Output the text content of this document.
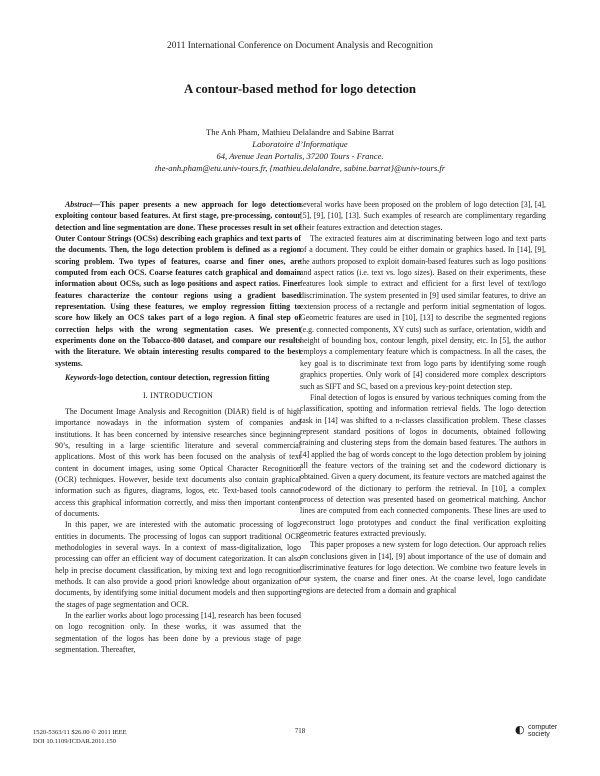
2011 International Conference on Document Analysis and Recognition
A contour-based method for logo detection
The Anh Pham, Mathieu Delalandre and Sabine Barrat
Laboratoire d’Informatique
64, Avenue Jean Portalis, 37200 Tours - France.
the-anh.pham@etu.univ-tours.fr, {mathieu.delalandre, sabine.barrat}@univ-tours.fr

Abstract—This paper presents a new approach for logo detection exploiting contour based features. At first stage, pre-processing, contour detection and line segmentation are done. These processes result in set of Outer Contour Strings (OCSs) describing each graphics and text parts of the documents. Then, the logo detection problem is defined as a region scoring problem. Two types of features, coarse and finer ones, are computed from each OCS. Coarse features catch graphical and domain information about OCSs, such as logo positions and aspect ratios. Finer features characterize the contour regions using a gradient based representation. Using these features, we employ regression fitting to score how likely an OCS takes part of a logo region. A final step of correction helps with the wrong segmentation cases. We present experiments done on the Tobacco-800 dataset, and compare our results with the literature. We obtain interesting results compared to the best systems.

Keywords-logo detection, contour detection, regression fitting

I. INTRODUCTION

The Document Image Analysis and Recognition (DIAR) field is of high importance nowadays in the information system of companies and institutions. It has been concerned by intensive researches since beginning 90’s, resulting in a large scientific literature and several commercial applications. Most of this work has been focused on the analysis of text content in document images, using some Optical Character Recognition (OCR) techniques. However, beside text documents also contain graphical information such as figures, diagrams, logos, etc. Text-based tools cannot access this graphical information correctly, and miss then important content of documents.

In this paper, we are interested with the automatic processing of logo entities in documents. The processing of logos can support traditional OCR methodologies in several ways. In a context of mass-digitalization, logo processing can offer an efficient way of document categorization. It can also help in precise document classification, by mixing text and logo recognition methods. It can also provide a good priori knowledge about organization of documents, by identifying some initial document models and then supporting the stages of page segmentation and OCR.

In the earlier works about logo processing [14], research has been focused on logo recognition only. In these works, it was assumed that the segmentation of the logos has been done by a previous stage of page segmentation. Thereafter,

several works have been proposed on the problem of logo detection [3], [4], [5], [9], [10], [13]. Such examples of research are complimentary regarding their features extraction and detection stages.

The extracted features aim at discriminating between logo and text parts of a document. They could be either domain or graphics based. In [14], [9], the authors proposed to exploit domain-based features such as logo positions and aspect ratios (i.e. text vs. logo sizes). Based on their experiments, these features look simple to extract and efficient for a first level of text/logo discrimination. The system presented in [9] used similar features, to drive an extension process of a rectangle and perform initial segmentation of logos. Geometric features are used in [10], [13] to describe the segmented regions (e.g. connected components, XY cuts) such as surface, orientation, width and height of bounding box, contour length, pixel density, etc. In [5], the author employs a complementary feature which is compactness. In all the cases, the key goal is to discriminate text from logo parts by identifying some rough graphics properties. Only work of [4] considered more complex descriptors such as SIFT and SC, based on a previous key-point detection step.

Final detection of logos is ensured by various techniques coming from the classification, spotting and information retrieval fields. The logo detection task in [14] was shifted to a n-classes classification problem. These classes represent standard positions of logos in documents, obtained following training and clustering steps from the domain based features. The authors in [4] applied the bag of words concept to the logo detection problem by joining all the feature vectors of the training set and the codeword dictionary is obtained. Given a query document, its feature vectors are matched against the codeword of the dictionary to perform the retrieval. In [10], a complex process of detection was presented based on geometrical matching. Anchor lines are computed from each connected components. These lines are used to reconstruct logo prototypes and conduct the final verification exploiting geometric features extracted previously.

This paper proposes a new system for logo detection. Our approach relies on conclusions given in [14], [9] about importance of the use of domain and discriminative features for logo detection. We combine two feature levels in our system, the coarse and finer ones. At the coarse level, logo candidate regions are detected from a domain and graphical

1520-5363/11 $26.00 © 2011 IEEE
DOI 10.1109/ICDAR.2011.150
718	◐ computer
society
